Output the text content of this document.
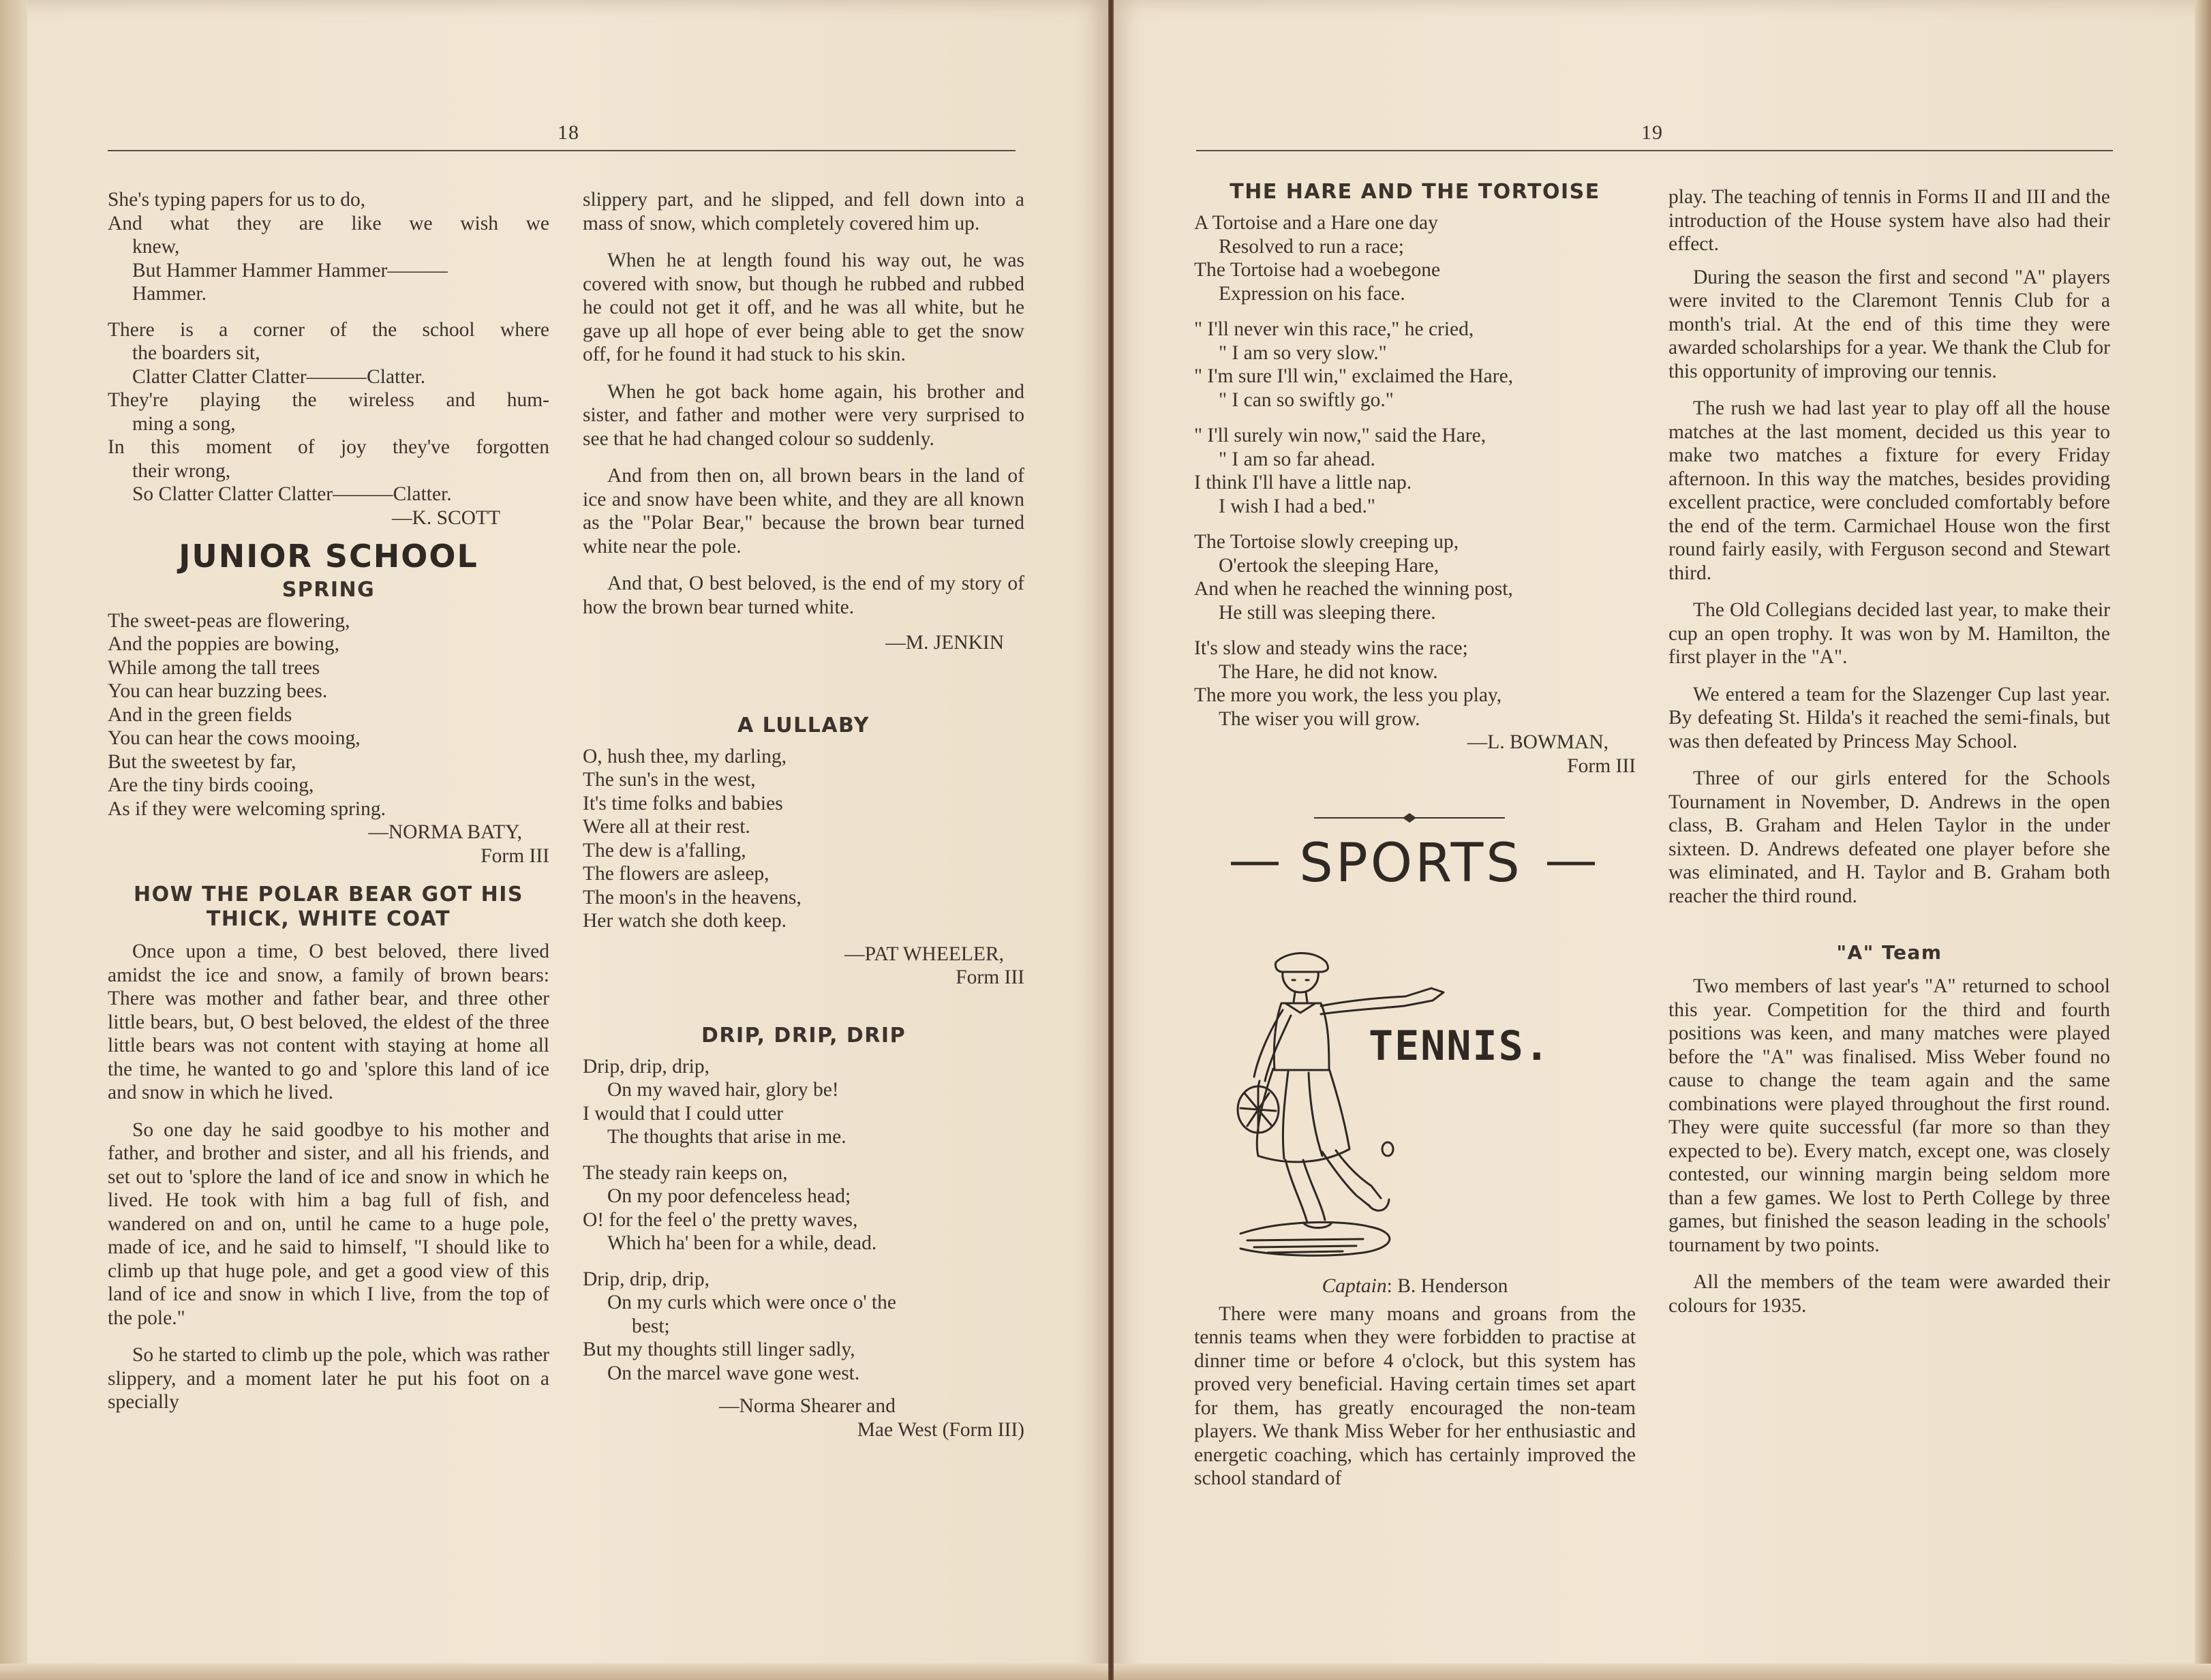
18

She's typing papers for us to do,

And what they are like we wish we

knew,

But Hammer Hammer Hammer———

Hammer.

There is a corner of the school where

the boarders sit,

Clatter Clatter Clatter———Clatter.

They're playing the wireless and hum-

ming a song,

In this moment of joy they've forgotten

their wrong,

So Clatter Clatter Clatter———Clatter.

—K. SCOTT

JUNIOR SCHOOL
SPRING

The sweet-peas are flowering,

And the poppies are bowing,

While among the tall trees

You can hear buzzing bees.

And in the green fields

You can hear the cows mooing,

But the sweetest by far,

Are the tiny birds cooing,

As if they were welcoming spring.

—NORMA BATY,

Form III

HOW THE POLAR BEAR GOT HIS
THICK, WHITE COAT

Once upon a time, O best beloved, there lived amidst the ice and snow, a family of brown bears: There was mother and father bear, and three other little bears, but, O best beloved, the eldest of the three little bears was not content with staying at home all the time, he wanted to go and 'splore this land of ice and snow in which he lived.

So one day he said goodbye to his mother and father, and brother and sister, and all his friends, and set out to 'splore the land of ice and snow in which he lived. He took with him a bag full of fish, and wandered on and on, until he came to a huge pole, made of ice, and he said to himself, "I should like to climb up that huge pole, and get a good view of this land of ice and snow in which I live, from the top of the pole."

So he started to climb up the pole, which was rather slippery, and a moment later he put his foot on a specially

slippery part, and he slipped, and fell down into a mass of snow, which completely covered him up.

When he at length found his way out, he was covered with snow, but though he rubbed and rubbed he could not get it off, and he was all white, but he gave up all hope of ever being able to get the snow off, for he found it had stuck to his skin.

When he got back home again, his brother and sister, and father and mother were very surprised to see that he had changed colour so suddenly.

And from then on, all brown bears in the land of ice and snow have been white, and they are all known as the "Polar Bear," because the brown bear turned white near the pole.

And that, O best beloved, is the end of my story of how the brown bear turned white.

—M. JENKIN

A LULLABY

O, hush thee, my darling,

The sun's in the west,

It's time folks and babies

Were all at their rest.

The dew is a'falling,

The flowers are asleep,

The moon's in the heavens,

Her watch she doth keep.

—PAT WHEELER,

Form III

DRIP, DRIP, DRIP

Drip, drip, drip,

On my waved hair, glory be!

I would that I could utter

The thoughts that arise in me.

The steady rain keeps on,

On my poor defenceless head;

O! for the feel o' the pretty waves,

Which ha' been for a while, dead.

Drip, drip, drip,

On my curls which were once o' the

best;

But my thoughts still linger sadly,

On the marcel wave gone west.

—Norma Shearer and

Mae West (Form III)

19
THE HARE AND THE TORTOISE

A Tortoise and a Hare one day

Resolved to run a race;

The Tortoise had a woebegone

Expression on his face.

" I'll never win this race," he cried,

" I am so very slow."

" I'm sure I'll win," exclaimed the Hare,

" I can so swiftly go."

" I'll surely win now," said the Hare,

" I am so far ahead.

I think I'll have a little nap.

I wish I had a bed."

The Tortoise slowly creeping up,

O'ertook the sleeping Hare,

And when he reached the winning post,

He still was sleeping there.

It's slow and steady wins the race;

The Hare, he did not know.

The more you work, the less you play,

The wiser you will grow.

—L. BOWMAN,

Form III

SPORTS
TENNIS.

Captain: B. Henderson

There were many moans and groans from the tennis teams when they were forbidden to practise at dinner time or before 4 o'clock, but this system has proved very beneficial. Having certain times set apart for them, has greatly encouraged the non-team players. We thank Miss Weber for her enthusiastic and energetic coaching, which has certainly improved the school standard of

play. The teaching of tennis in Forms II and III and the introduction of the House system have also had their effect.

During the season the first and second "A" players were invited to the Claremont Tennis Club for a month's trial. At the end of this time they were awarded scholarships for a year. We thank the Club for this opportunity of improving our tennis.

The rush we had last year to play off all the house matches at the last moment, decided us this year to make two matches a fixture for every Friday afternoon. In this way the matches, besides providing excellent practice, were concluded comfortably before the end of the term. Carmichael House won the first round fairly easily, with Ferguson second and Stewart third.

The Old Collegians decided last year, to make their cup an open trophy. It was won by M. Hamilton, the first player in the "A".

We entered a team for the Slazenger Cup last year. By defeating St. Hilda's it reached the semi-finals, but was then defeated by Princess May School.

Three of our girls entered for the Schools Tournament in November, D. Andrews in the open class, B. Graham and Helen Taylor in the under sixteen. D. Andrews defeated one player before she was eliminated, and H. Taylor and B. Graham both reacher the third round.

"A" Team

Two members of last year's "A" returned to school this year. Competition for the third and fourth positions was keen, and many matches were played before the "A" was finalised. Miss Weber found no cause to change the team again and the same combinations were played throughout the first round. They were quite successful (far more so than they expected to be). Every match, except one, was closely contested, our winning margin being seldom more than a few games. We lost to Perth College by three games, but finished the season leading in the schools' tournament by two points.

All the members of the team were awarded their colours for 1935.
